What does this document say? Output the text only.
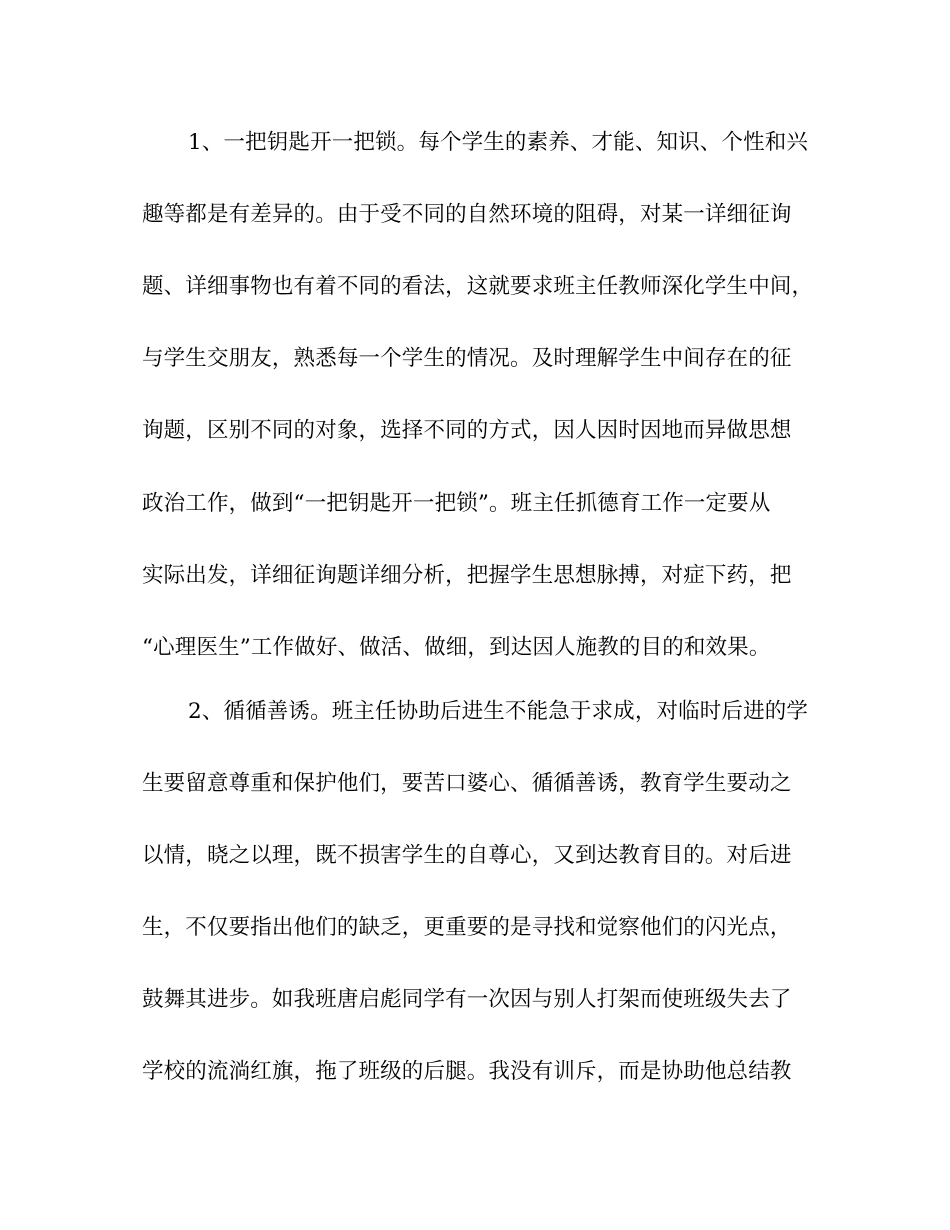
1、一把钥匙开一把锁。每个学生的素养、才能、知识、个性和兴
趣等都是有差异的。由于受不同的自然环境的阻碍，对某一详细征询
题、详细事物也有着不同的看法，这就要求班主任教师深化学生中间，
与学生交朋友，熟悉每一个学生的情况。及时理解学生中间存在的征
询题，区别不同的对象，选择不同的方式，因人因时因地而异做思想
政治工作，做到“一把钥匙开一把锁”。班主任抓德育工作一定要从
实际出发，详细征询题详细分析，把握学生思想脉搏，对症下药，把
“心理医生”工作做好、做活、做细，到达因人施教的目的和效果。
2、循循善诱。班主任协助后进生不能急于求成，对临时后进的学
生要留意尊重和保护他们，要苦口婆心、循循善诱，教育学生要动之
以情，晓之以理，既不损害学生的自尊心，又到达教育目的。对后进
生，不仅要指出他们的缺乏，更重要的是寻找和觉察他们的闪光点，
鼓舞其进步。如我班唐启彪同学有一次因与别人打架而使班级失去了
学校的流淌红旗，拖了班级的后腿。我没有训斥，而是协助他总结教
